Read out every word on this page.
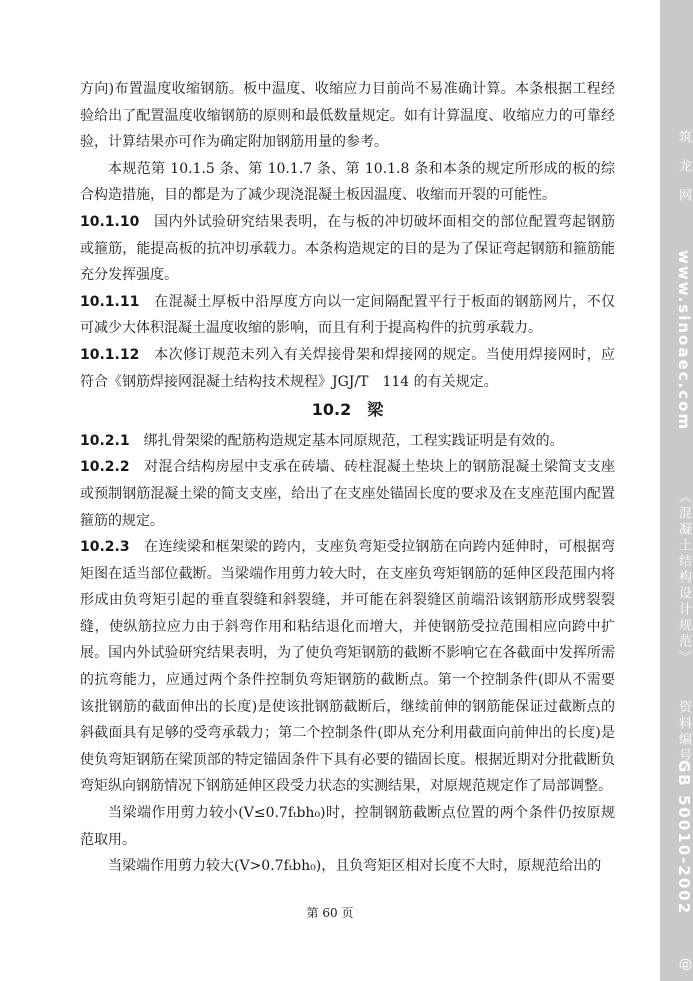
方向)布置温度收缩钢筋。板中温度、收缩应力目前尚不易准确计算。本条根据工程经验给出了配置温度收缩钢筋的原则和最低数量规定。如有计算温度、收缩应力的可靠经验，计算结果亦可作为确定附加钢筋用量的参考。

本规范第 10.1.5 条、第 10.1.7 条、第 10.1.8 条和本条的规定所形成的板的综合构造措施，目的都是为了减少现浇混凝土板因温度、收缩而开裂的可能性。

10.1.10　 国内外试验研究结果表明，在与板的冲切破坏面相交的部位配置弯起钢筋或箍筋，能提高板的抗冲切承载力。本条构造规定的目的是为了保证弯起钢筋和箍筋能充分发挥强度。

10.1.11　 在混凝土厚板中沿厚度方向以一定间隔配置平行于板面的钢筋网片，不仅可减少大体积混凝土温度收缩的影响，而且有利于提高构件的抗剪承载力。

10.1.12　 本次修订规范未列入有关焊接骨架和焊接网的规定。当使用焊接网时，应符合《钢筋焊接网混凝土结构技术规程》JGJ/T　114 的有关规定。

10.2　梁

10.2.1　 绑扎骨架梁的配筋构造规定基本同原规范，工程实践证明是有效的。

10.2.2　 对混合结构房屋中支承在砖墙、砖柱混凝土垫块上的钢筋混凝土梁简支支座或预制钢筋混凝土梁的简支支座，给出了在支座处锚固长度的要求及在支座范围内配置箍筋的规定。

10.2.3　 在连续梁和框架梁的跨内，支座负弯矩受拉钢筋在向跨内延伸时，可根据弯矩图在适当部位截断。当梁端作用剪力较大时，在支座负弯矩钢筋的延伸区段范围内将形成由负弯矩引起的垂直裂缝和斜裂缝，并可能在斜裂缝区前端沿该钢筋形成劈裂裂缝，使纵筋拉应力由于斜弯作用和粘结退化而增大，并使钢筋受拉范围相应向跨中扩展。国内外试验研究结果表明，为了使负弯矩钢筋的截断不影响它在各截面中发挥所需的抗弯能力，应通过两个条件控制负弯矩钢筋的截断点。第一个控制条件(即从不需要该批钢筋的截面伸出的长度)是使该批钢筋截断后，继续前伸的钢筋能保证过截断点的斜截面具有足够的受弯承载力；第二个控制条件(即从充分利用截面向前伸出的长度)是使负弯矩钢筋在梁顶部的特定锚固条件下具有必要的锚固长度。根据近期对分批截断负弯矩纵向钢筋情况下钢筋延伸区段受力状态的实测结果，对原规范规定作了局部调整。

当梁端作用剪力较小(V≤0.7fₜbh₀)时，控制钢筋截断点位置的两个条件仍按原规范取用。

当梁端作用剪力较大(V>0.7fₜbh₀)，且负弯矩区相对长度不大时，原规范给出的

第 60 页
筑 龙 网
www.sinoaec.com
《混凝土结构设计规范》
资料编号:
GB 50010-2002
@
